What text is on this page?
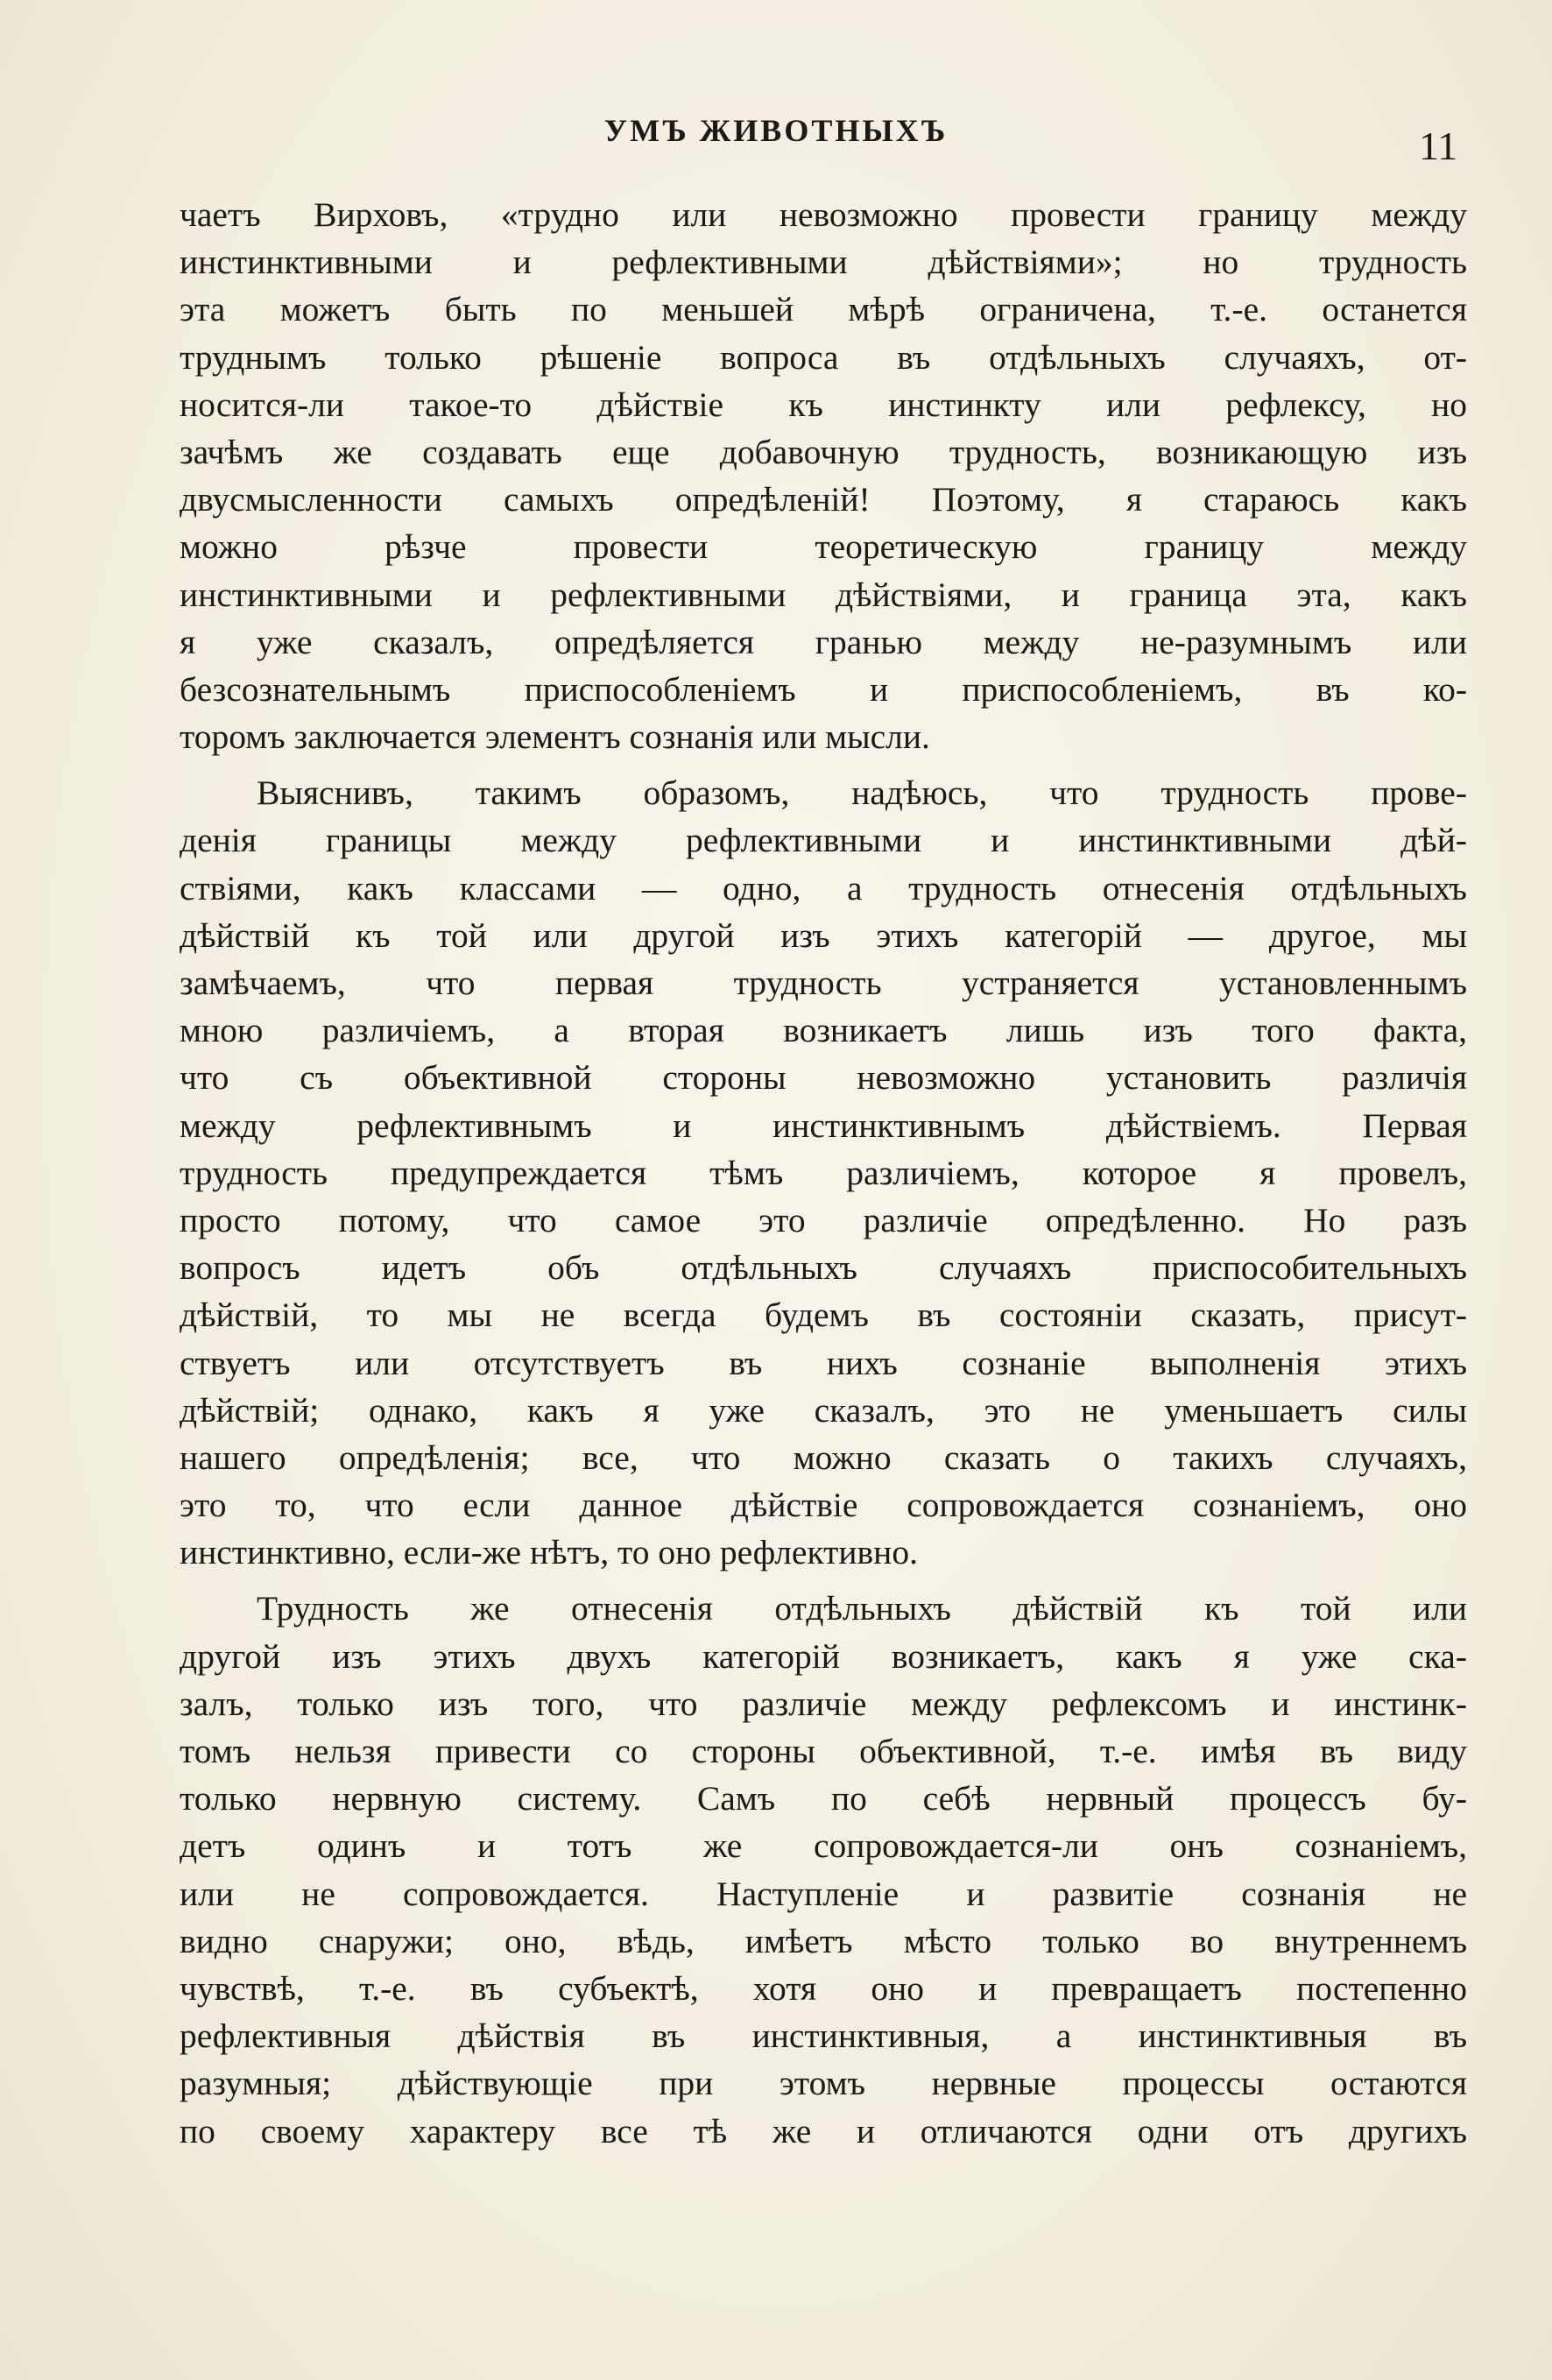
УМЪ ЖИВОТНЫХЪ	11
чаетъ Вирховъ, «трудно или невозможно провести границу между
инстинктивными и рефлективными дѣйствіями»; но трудность
эта можетъ быть по меньшей мѣрѣ ограничена, т.-е. останется
труднымъ только рѣшеніе вопроса въ отдѣльныхъ случаяхъ, от-
носится-ли такое-то дѣйствіе къ инстинкту или рефлексу, но
зачѣмъ же создавать еще добавочную трудность, возникающую изъ
двусмысленности самыхъ опредѣленій! Поэтому, я стараюсь какъ
можно рѣзче провести теоретическую границу между
инстинктивными и рефлективными дѣйствіями, и граница эта, какъ
я уже сказалъ, опредѣляется гранью между не-разумнымъ или
безсознательнымъ приспособленіемъ и приспособленіемъ, въ ко-
торомъ заключается элементъ сознанія или мысли.
Выяснивъ, такимъ образомъ, надѣюсь, что трудность прове-
денія границы между рефлективными и инстинктивными дѣй-
ствіями, какъ классами — одно, а трудность отнесенія отдѣльныхъ
дѣйствій къ той или другой изъ этихъ категорій — другое, мы
замѣчаемъ, что первая трудность устраняется установленнымъ
мною различіемъ, а вторая возникаетъ лишь изъ того факта,
что съ объективной стороны невозможно установить различія
между рефлективнымъ и инстинктивнымъ дѣйствіемъ. Первая
трудность предупреждается тѣмъ различіемъ, которое я провелъ,
просто потому, что самое это различіе опредѣленно. Но разъ
вопросъ идетъ объ отдѣльныхъ случаяхъ приспособительныхъ
дѣйствій, то мы не всегда будемъ въ состояніи сказать, присут-
ствуетъ или отсутствуетъ въ нихъ сознаніе выполненія этихъ
дѣйствій; однако, какъ я уже сказалъ, это не уменьшаетъ силы
нашего опредѣленія; все, что можно сказать о такихъ случаяхъ,
это то, что если данное дѣйствіе сопровождается сознаніемъ, оно
инстинктивно, если-же нѣтъ, то оно рефлективно.
Трудность же отнесенія отдѣльныхъ дѣйствій къ той или
другой изъ этихъ двухъ категорій возникаетъ, какъ я уже ска-
залъ, только изъ того, что различіе между рефлексомъ и инстинк-
томъ нельзя привести со стороны объективной, т.-е. имѣя въ виду
только нервную систему. Самъ по себѣ нервный процессъ бу-
детъ одинъ и тотъ же сопровождается-ли онъ сознаніемъ,
или не сопровождается. Наступленіе и развитіе сознанія не
видно снаружи; оно, вѣдь, имѣетъ мѣсто только во внутреннемъ
чувствѣ, т.-е. въ субъектѣ, хотя оно и превращаетъ постепенно
рефлективныя дѣйствія въ инстинктивныя, а инстинктивныя въ
разумныя; дѣйствующіе при этомъ нервные процессы остаются
по своему характеру все тѣ же и отличаются одни отъ другихъ
